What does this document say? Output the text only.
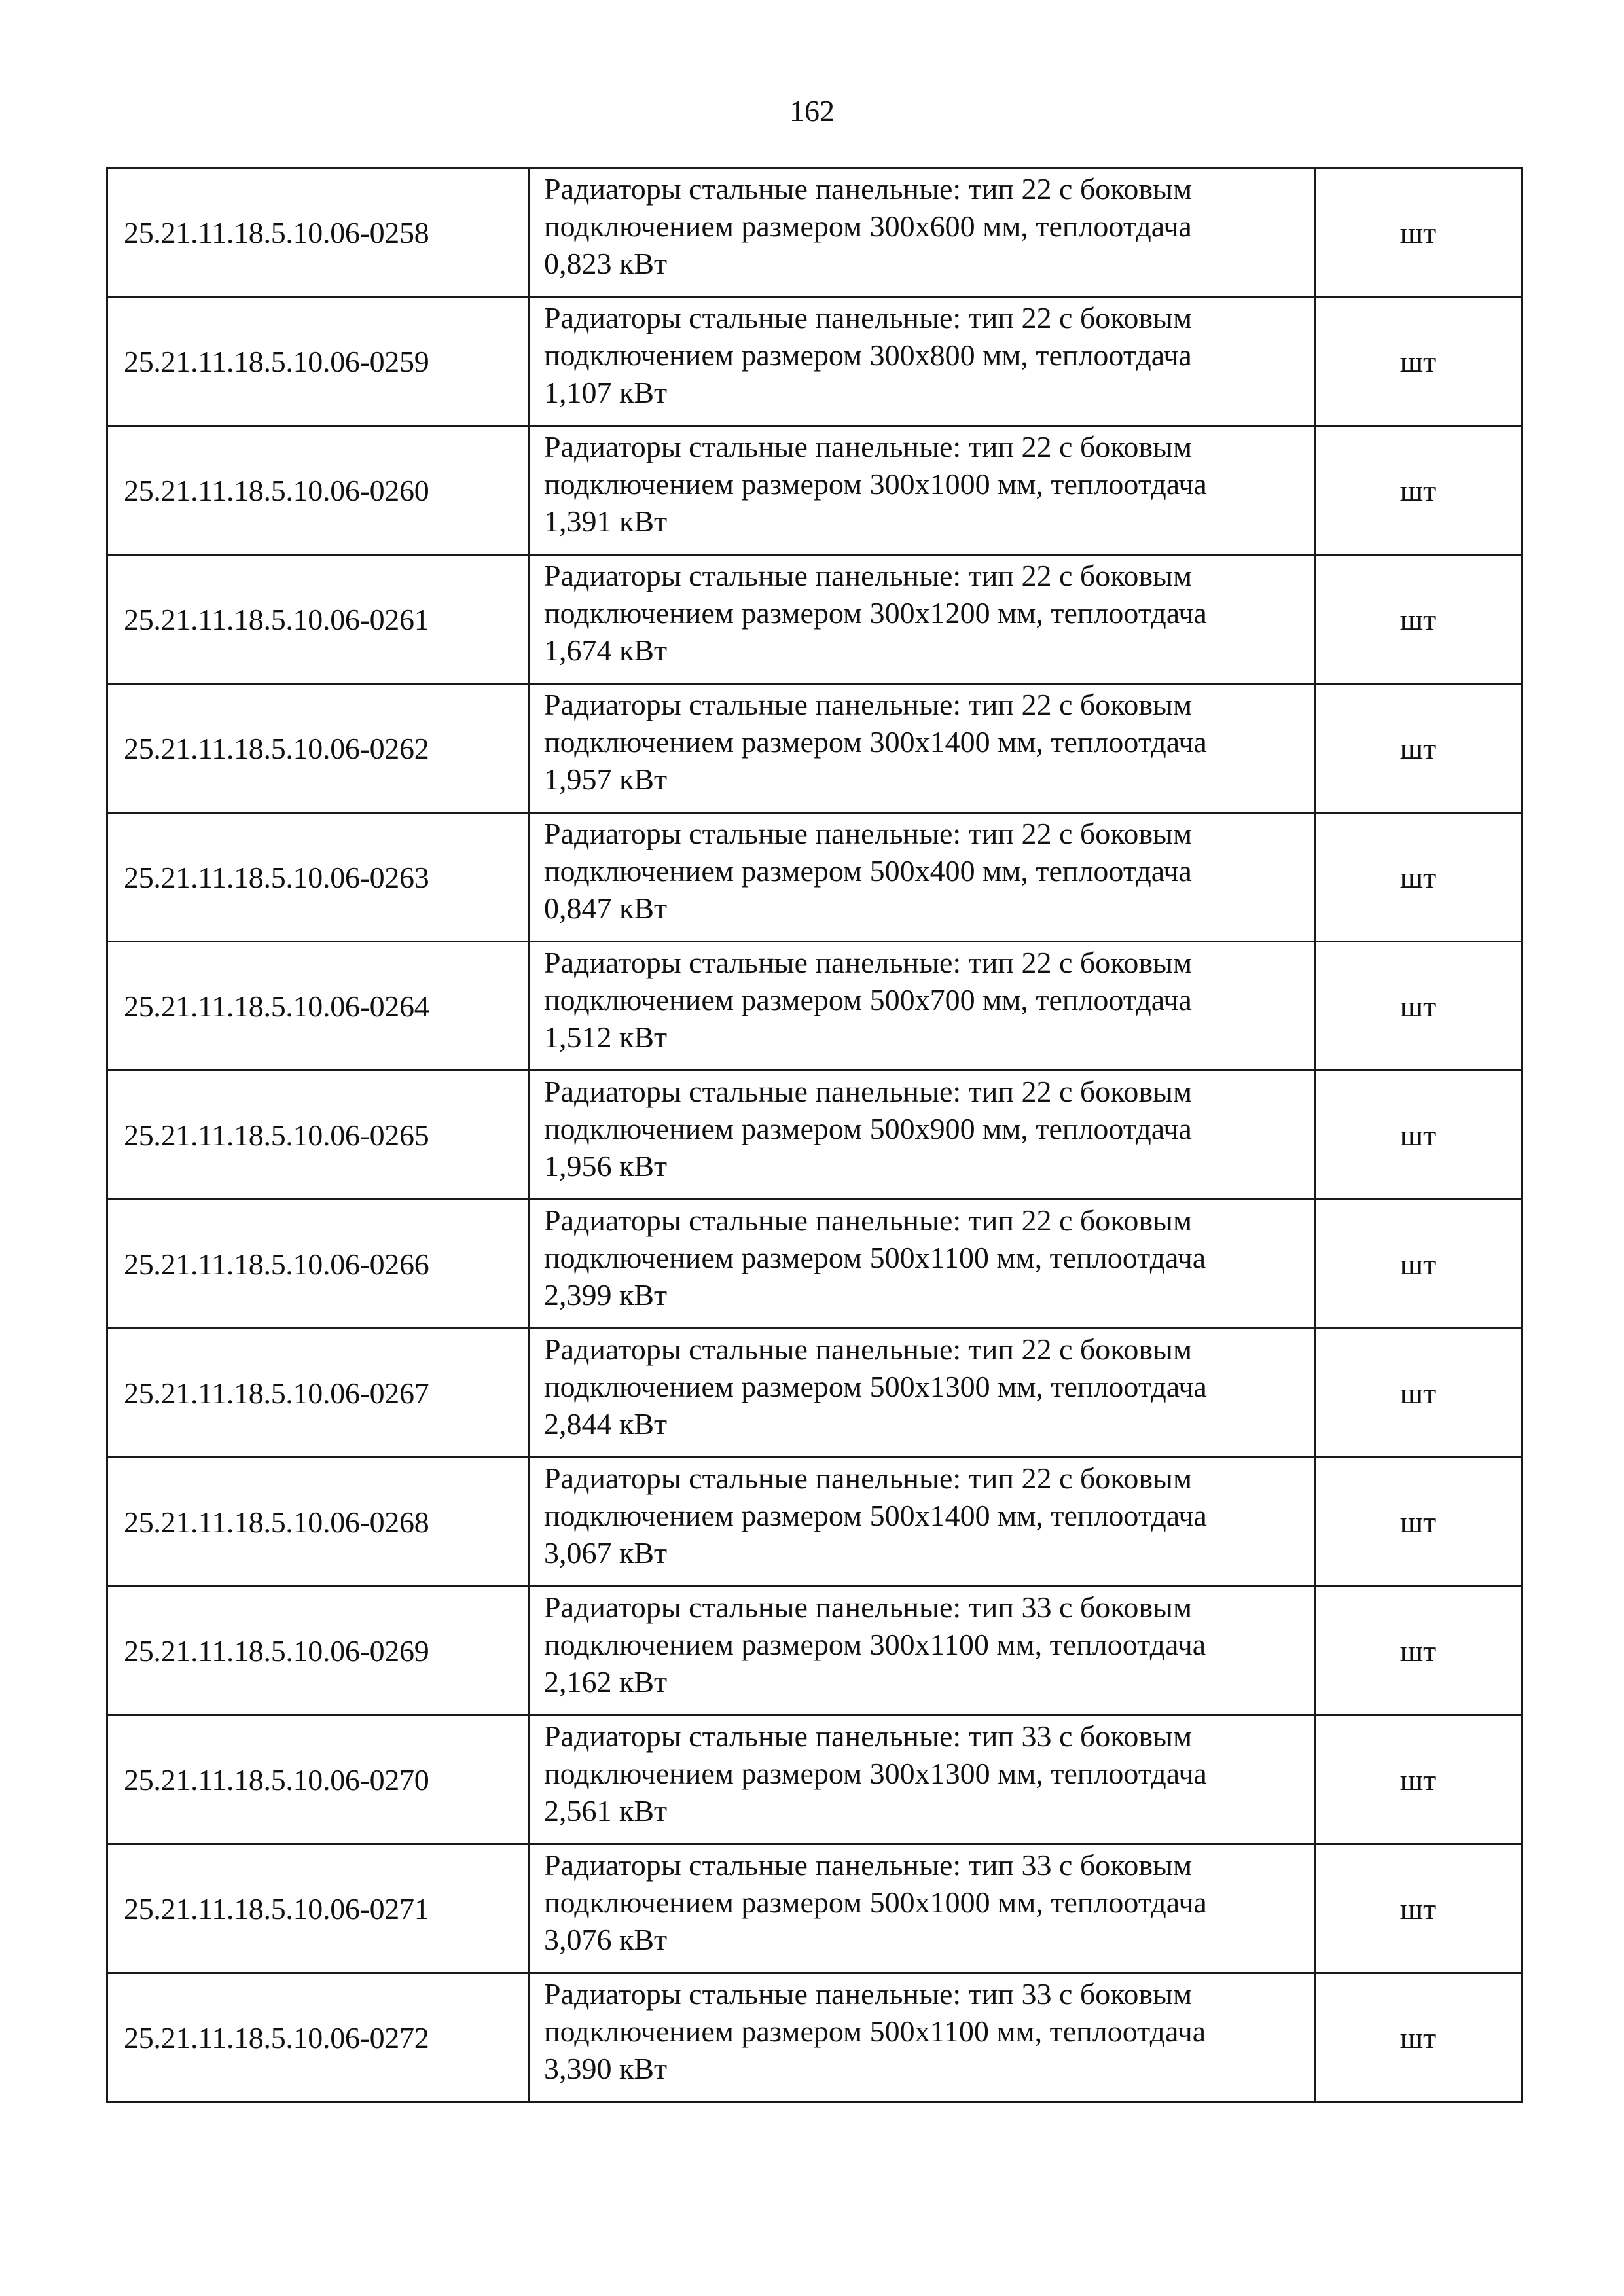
162
25.21.11.18.5.10.06-0258	Радиаторы стальные панельные: тип 22 с боковым
подключением размером 300х600 мм, теплоотдача
0,823 кВт	шт
25.21.11.18.5.10.06-0259	Радиаторы стальные панельные: тип 22 с боковым
подключением размером 300х800 мм, теплоотдача
1,107 кВт	шт
25.21.11.18.5.10.06-0260	Радиаторы стальные панельные: тип 22 с боковым
подключением размером 300х1000 мм, теплоотдача
1,391 кВт	шт
25.21.11.18.5.10.06-0261	Радиаторы стальные панельные: тип 22 с боковым
подключением размером 300х1200 мм, теплоотдача
1,674 кВт	шт
25.21.11.18.5.10.06-0262	Радиаторы стальные панельные: тип 22 с боковым
подключением размером 300х1400 мм, теплоотдача
1,957 кВт	шт
25.21.11.18.5.10.06-0263	Радиаторы стальные панельные: тип 22 с боковым
подключением размером 500х400 мм, теплоотдача
0,847 кВт	шт
25.21.11.18.5.10.06-0264	Радиаторы стальные панельные: тип 22 с боковым
подключением размером 500х700 мм, теплоотдача
1,512 кВт	шт
25.21.11.18.5.10.06-0265	Радиаторы стальные панельные: тип 22 с боковым
подключением размером 500х900 мм, теплоотдача
1,956 кВт	шт
25.21.11.18.5.10.06-0266	Радиаторы стальные панельные: тип 22 с боковым
подключением размером 500х1100 мм, теплоотдача
2,399 кВт	шт
25.21.11.18.5.10.06-0267	Радиаторы стальные панельные: тип 22 с боковым
подключением размером 500х1300 мм, теплоотдача
2,844 кВт	шт
25.21.11.18.5.10.06-0268	Радиаторы стальные панельные: тип 22 с боковым
подключением размером 500х1400 мм, теплоотдача
3,067 кВт	шт
25.21.11.18.5.10.06-0269	Радиаторы стальные панельные: тип 33 с боковым
подключением размером 300х1100 мм, теплоотдача
2,162 кВт	шт
25.21.11.18.5.10.06-0270	Радиаторы стальные панельные: тип 33 с боковым
подключением размером 300х1300 мм, теплоотдача
2,561 кВт	шт
25.21.11.18.5.10.06-0271	Радиаторы стальные панельные: тип 33 с боковым
подключением размером 500х1000 мм, теплоотдача
3,076 кВт	шт
25.21.11.18.5.10.06-0272	Радиаторы стальные панельные: тип 33 с боковым
подключением размером 500х1100 мм, теплоотдача
3,390 кВт	шт
